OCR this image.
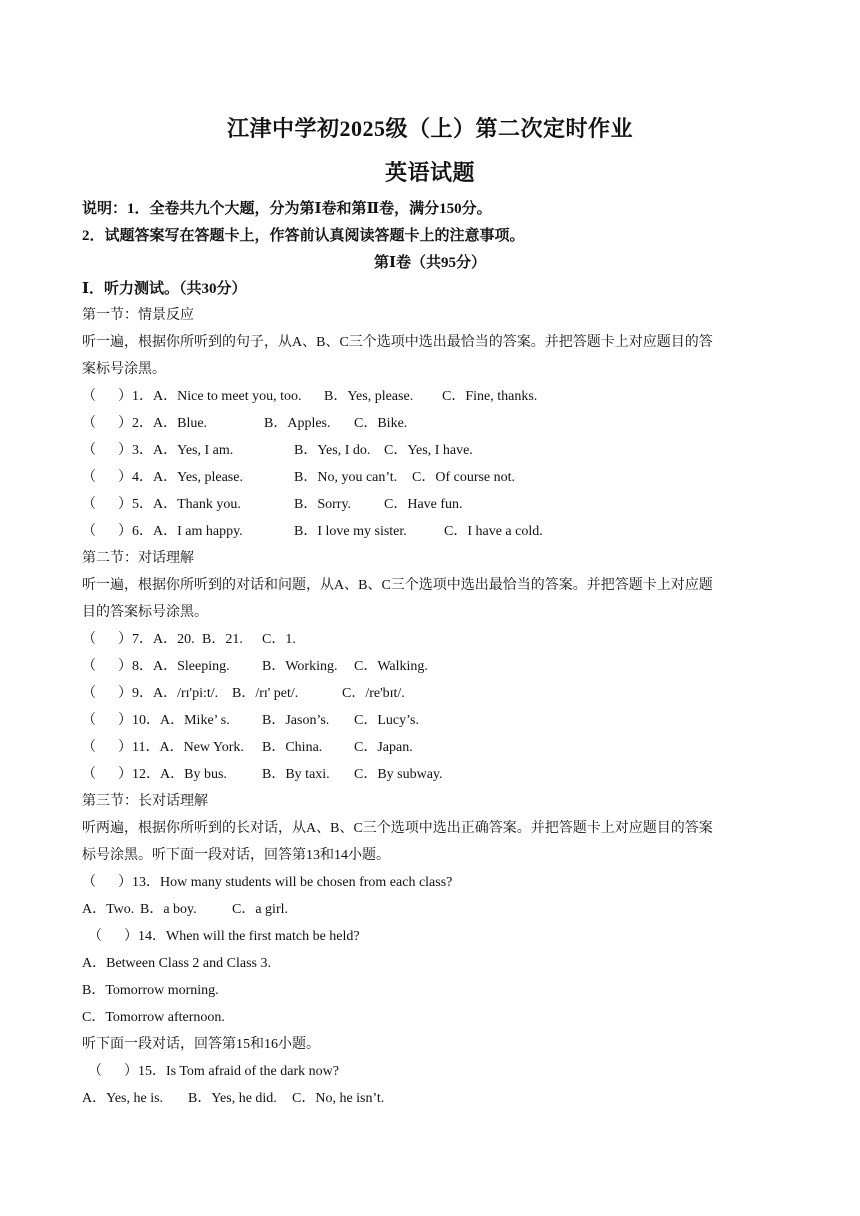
江津中学初2025级（上）第二次定时作业
英语试题
说明：1．全卷共九个大题，分为第Ⅰ卷和第Ⅱ卷，满分150分。
2．试题答案写在答题卡上，作答前认真阅读答题卡上的注意事项。
第Ⅰ卷（共95分）
Ⅰ．听力测试。（共30分）
第一节：情景反应
听一遍，根据你所听到的句子，从A、B、C三个选项中选出最恰当的答案。并把答题卡上对应题目的答
案标号涂黑。
（ ）1．A．Nice to meet you, too. B．Yes, please. C．Fine, thanks.
（ ）2．A．Blue.	B．Apples. C．Bike.
（ ）3．A．Yes, I am.	B．Yes, I do. C．Yes, I have.
（ ）4．A．Yes, please.	B．No, you can’t. C．Of course not.
（ ）5．A．Thank you.	B．Sorry. C．Have fun.
（ ）6．A．I am happy.	B．I love my sister.	C．I have a cold.
第二节：对话理解
听一遍，根据你所听到的对话和问题，从A、B、C三个选项中选出最恰当的答案。并把答题卡上对应题
目的答案标号涂黑。
（ ）7．A．20. B．21. C．1.
（ ）8．A．Sleeping. B．Working. C．Walking.
（ ）9．A．/rɪ'pi:t/. B．/rɪ' pet/.	C．/re'bɪt/.
（ ）10．A．Mike’ s. B．Jason’s. C．Lucy’s.
（ ）11．A．New York. B．China. C．Japan.
（ ）12．A．By bus.	B．By taxi. C．By subway.
第三节：长对话理解
听两遍，根据你所听到的长对话，从A、B、C三个选项中选出正确答案。并把答题卡上对应题目的答案
标号涂黑。听下面一段对话，回答第13和14小题。
（ ）13．How many students will be chosen from each class?
A．Two. B．a boy.	C．a girl.
（ ）14．When will the first match be held?
A．Between Class 2 and Class 3.
B．Tomorrow morning.
C．Tomorrow afternoon.
听下面一段对话，回答第15和16小题。
（ ）15．Is Tom afraid of the dark now?
A．Yes, he is. B．Yes, he did. C．No, he isn’t.
